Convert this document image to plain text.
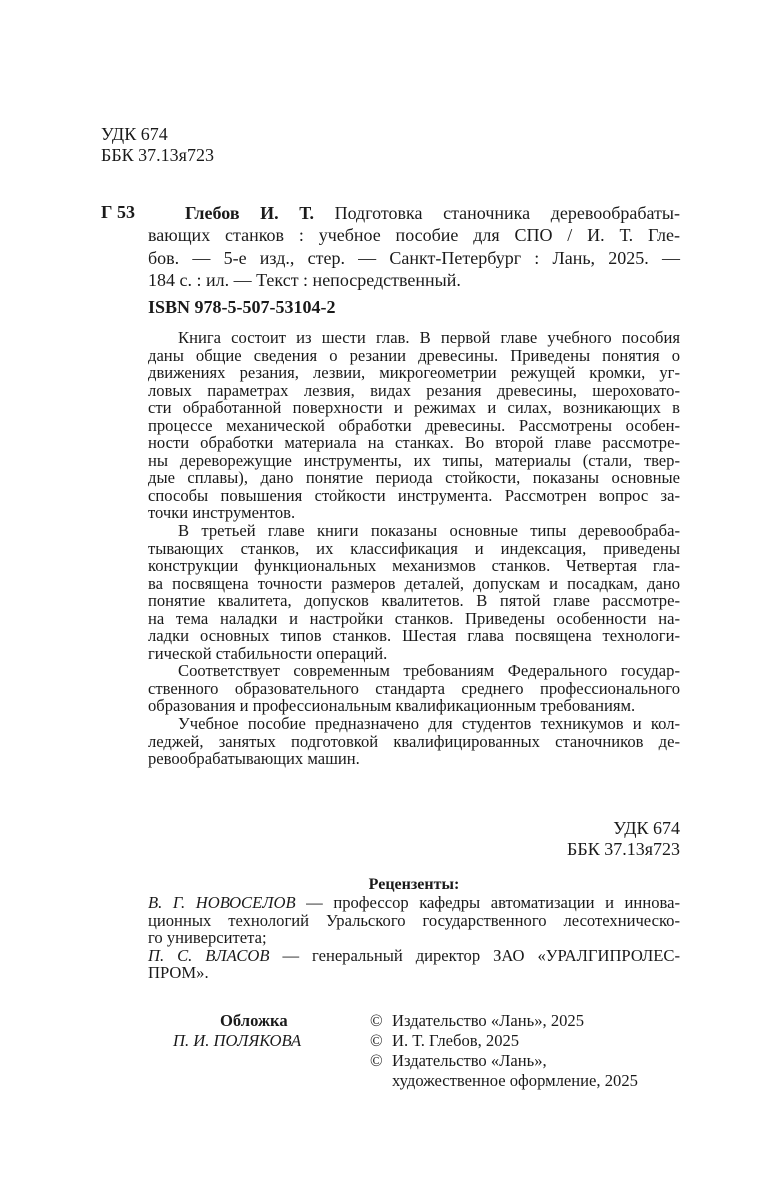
УДК 674
ББК 37.13я723
Г 53	Глебов И. Т. Подготовка станочника деревообрабаты-
вающих станков : учебное пособие для СПО / И. Т. Гле-
бов. — 5-е изд., стер. — Санкт-Петербург : Лань, 2025. —
184 с. : ил. — Текст : непосредственный.
ISBN 978-5-507-53104-2
Книга состоит из шести глав. В первой главе учебного пособия
даны общие сведения о резании древесины. Приведены понятия о
движениях резания, лезвии, микрогеометрии режущей кромки, уг-
ловых параметрах лезвия, видах резания древесины, шероховато-
сти обработанной поверхности и режимах и силах, возникающих в
процессе механической обработки древесины. Рассмотрены особен-
ности обработки материала на станках. Во второй главе рассмотре-
ны дереворежущие инструменты, их типы, материалы (стали, твер-
дые сплавы), дано понятие периода стойкости, показаны основные
способы повышения стойкости инструмента. Рассмотрен вопрос за-
точки инструментов.
В третьей главе книги показаны основные типы деревообраба-
тывающих станков, их классификация и индексация, приведены
конструкции функциональных механизмов станков. Четвертая гла-
ва посвящена точности размеров деталей, допускам и посадкам, дано
понятие квалитета, допусков квалитетов. В пятой главе рассмотре-
на тема наладки и настройки станков. Приведены особенности на-
ладки основных типов станков. Шестая глава посвящена технологи-
гической стабильности операций.
Соответствует современным требованиям Федерального государ-
ственного образовательного стандарта среднего профессионального
образования и профессиональным квалификационным требованиям.
Учебное пособие предназначено для студентов техникумов и кол-
леджей, занятых подготовкой квалифицированных станочников де-
ревообрабатывающих машин.
УДК 674
ББК 37.13я723
Рецензенты:
В. Г. НОВОСЕЛОВ — профессор кафедры автоматизации и иннова-
ционных технологий Уральского государственного лесотехническо-
го университета;
П. С. ВЛАСОВ — генеральный директор ЗАО «УРАЛГИПРОЛЕС-
ПРОМ».
Обложка
П. И. ПОЛЯКОВА
© Издательство «Лань», 2025
© И. Т. Глебов, 2025
© Издательство «Лань»,
художественное оформление, 2025
